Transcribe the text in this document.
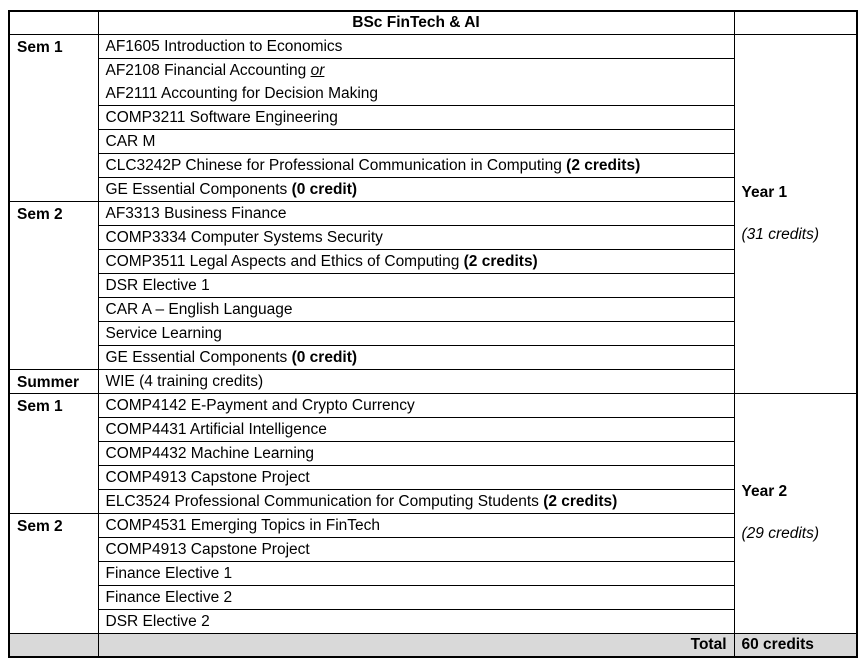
	BSc FinTech & AI	
Sem 1	AF1605 Introduction to Economics	Year 1
(31 credits)

	AF2108 Financial Accounting or
AF2111 Accounting for Decision Making	
	COMP3211 Software Engineering	
	CAR M	
	CLC3242P Chinese for Professional Communication in Computing (2 credits)	
	GE Essential Components (0 credit)	
Sem 2	AF3313 Business Finance	
	COMP3334 Computer Systems Security	
	COMP3511 Legal Aspects and Ethics of Computing (2 credits)	
	DSR Elective 1	
	CAR A – English Language	
	Service Learning	
	GE Essential Components (0 credit)	
Summer	WIE (4 training credits)	
Sem 1	COMP4142 E-Payment and Crypto Currency	Year 2
(29 credits)

	COMP4431 Artificial Intelligence	
	COMP4432 Machine Learning	
	COMP4913 Capstone Project	
	ELC3524 Professional Communication for Computing Students (2 credits)	
Sem 2	COMP4531 Emerging Topics in FinTech	
	COMP4913 Capstone Project	
	Finance Elective 1	
	Finance Elective 2	
	DSR Elective 2	
	Total	60 credits
